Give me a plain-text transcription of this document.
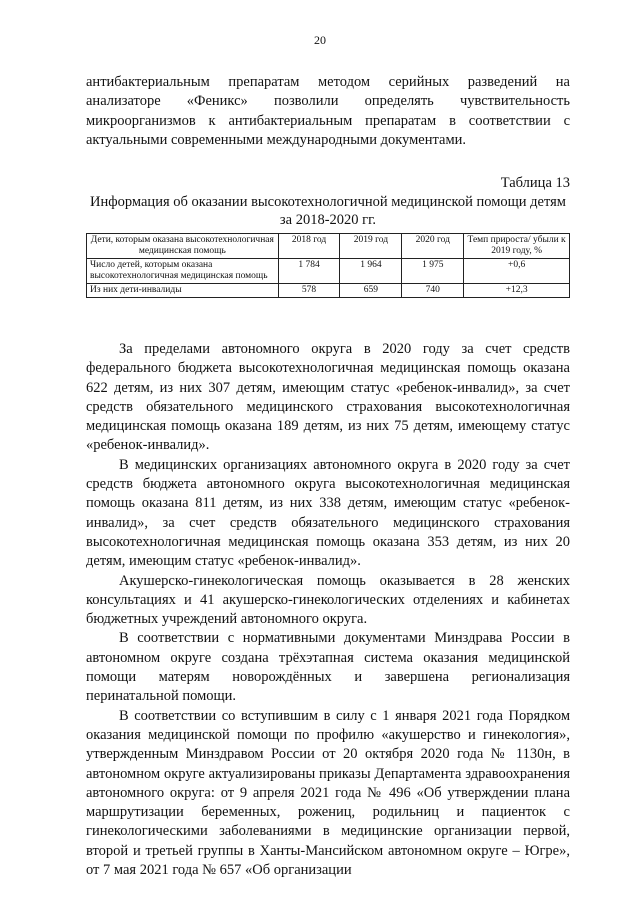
20

антибактериальным препаратам методом серийных разведений на анализаторе «Феникс» позволили определять чувствительность микроорганизмов к антибактериальным препаратам в соответствии с актуальными современными международными документами.

Таблица 13
Информация об оказании высокотехнологичной медицинской помощи детям за 2018-2020 гг.
Дети, которым оказана высокотехнологичная медицинская помощь	2018 год	2019 год	2020 год	Темп прироста/ убыли к 2019 году, %
Число детей, которым оказана высокотехнологичная медицинская помощь	1 784	1 964	1 975	+0,6
Из них дети-инвалиды	578	659	740	+12,3

За пределами автономного округа в 2020 году за счет средств федерального бюджета высокотехнологичная медицинская помощь оказана 622 детям, из них 307 детям, имеющим статус «ребенок-инвалид», за счет средств обязательного медицинского страхования высокотехнологичная медицинская помощь оказана 189 детям, из них 75 детям, имеющему статус «ребенок-инвалид».

В медицинских организациях автономного округа в 2020 году за счет средств бюджета автономного округа высокотехнологичная медицинская помощь оказана 811 детям, из них 338 детям, имеющим статус «ребенок-инвалид», за счет средств обязательного медицинского страхования высокотехнологичная медицинская помощь оказана 353 детям, из них 20 детям, имеющим статус «ребенок-инвалид».

Акушерско-гинекологическая помощь оказывается в 28 женских консультациях и 41 акушерско-гинекологических отделениях и кабинетах бюджетных учреждений автономного округа.

В соответствии с нормативными документами Минздрава России в автономном округе создана трёхэтапная система оказания медицинской помощи матерям новорождённых и завершена регионализация перинатальной помощи.

В соответствии со вступившим в силу с 1 января 2021 года Порядком оказания медицинской помощи по профилю «акушерство и гинекология», утвержденным Минздравом России от 20 октября 2020 года № 1130н, в автономном округе актуализированы приказы Департамента здравоохранения автономного округа: от 9 апреля 2021 года № 496 «Об утверждении плана маршрутизации беременных, рожениц, родильниц и пациенток с гинекологическими заболеваниями в медицинские организации первой, второй и третьей группы в Ханты-Мансийском автономном округе – Югре», от 7 мая 2021 года № 657 «Об организации
